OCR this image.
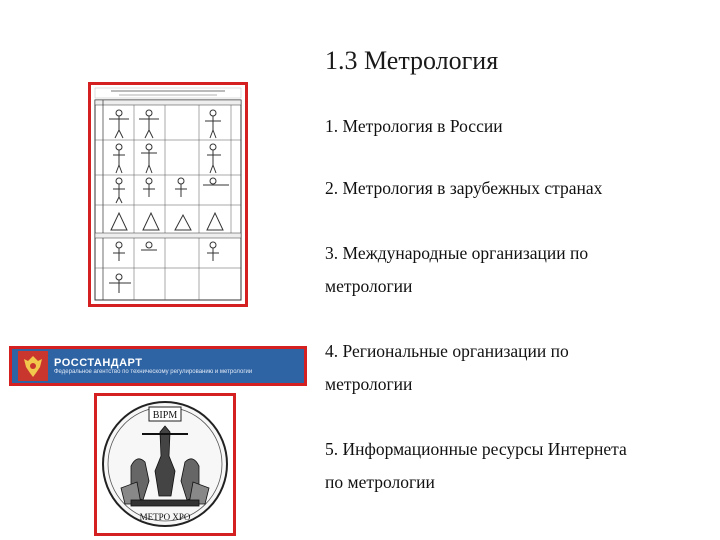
1.3 Метрология
1. Метрология в России
2. Метрология в зарубежных странах
3. Международные организации по
метрологии
4. Региональные организации по
метрологии
5. Информационные ресурсы Интернета
по метрологии
РОССТАНДАРТ
Федеральное агентство по техническому регулированию и метрологии
BIPM
METPO XPO
